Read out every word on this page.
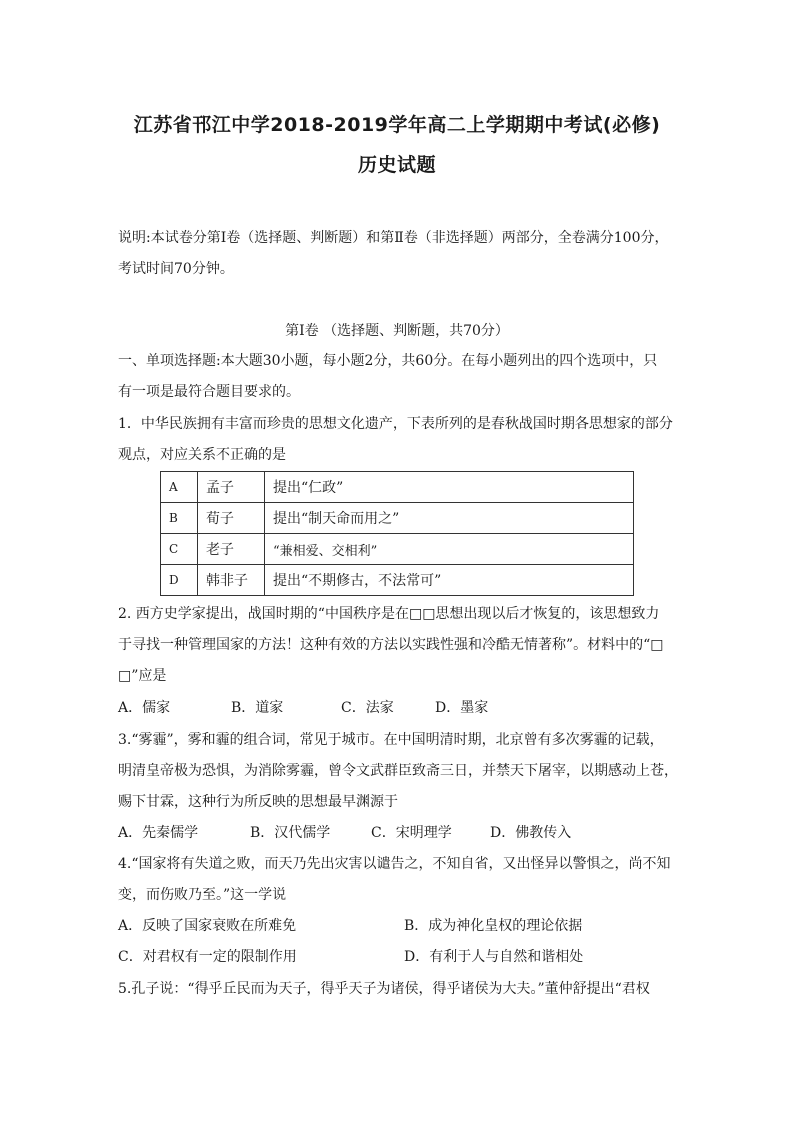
江苏省邗江中学2018-2019学年高二上学期期中考试(必修)
历史试题
说明:本试卷分第Ⅰ卷（选择题、判断题）和第Ⅱ卷（非选择题）两部分，全卷满分100分，
考试时间70分钟。
第Ⅰ卷 （选择题、判断题，共70分）
一、单项选择题:本大题30小题，每小题2分，共60分。在每小题列出的四个选项中，只
有一项是最符合题目要求的。
1．中华民族拥有丰富而珍贵的思想文化遗产，下表所列的是春秋战国时期各思想家的部分
观点，对应关系不正确的是
A	孟子	提出“仁政”
B	荀子	提出“制天命而用之”
C	老子	“兼相爱、交相利”
D	韩非子	提出“不期修古，不法常可”
2. 西方史学家提出，战国时期的“中国秩序是在□□思想出现以后才恢复的，该思想致力
于寻找一种管理国家的方法！这种有效的方法以实践性强和冷酷无情著称”。材料中的“□
□”应是
A．儒家	B．道家	C．法家	D．墨家
3.“雾霾”，雾和霾的组合词，常见于城市。在中国明清时期，北京曾有多次雾霾的记载，
明清皇帝极为恐惧，为消除雾霾，曾令文武群臣致斋三日，并禁天下屠宰，以期感动上苍，
赐下甘霖，这种行为所反映的思想最早渊源于
A．先秦儒学	B．汉代儒学	C．宋明理学	D．佛教传入
4.“国家将有失道之败，而天乃先出灾害以谴告之，不知自省，又出怪异以警惧之，尚不知
变，而伤败乃至。”这一学说
A．反映了国家衰败在所难免	B．成为神化皇权的理论依据
C．对君权有一定的限制作用	D．有利于人与自然和谐相处
5.孔子说：“得乎丘民而为天子，得乎天子为诸侯，得乎诸侯为大夫。”董仲舒提出“君权
